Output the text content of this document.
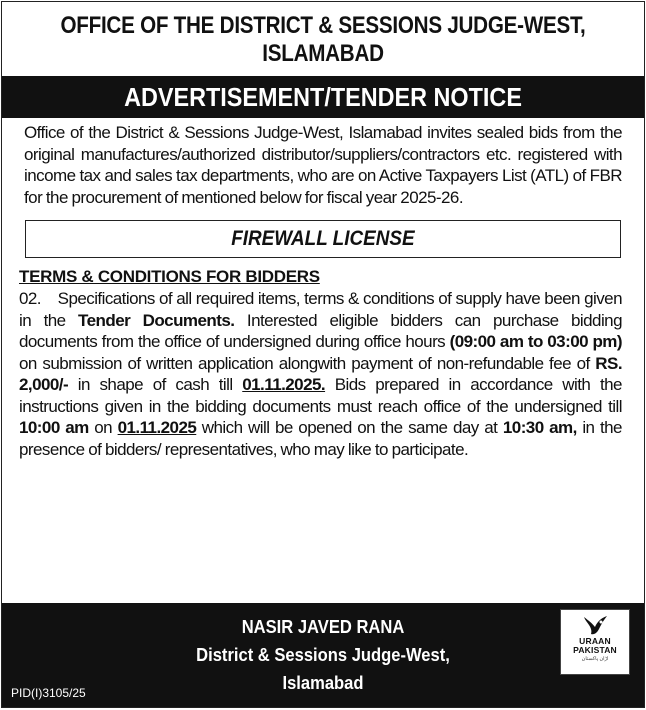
OFFICE OF THE DISTRICT & SESSIONS JUDGE-WEST,
ISLAMABAD
ADVERTISEMENT/TENDER NOTICE
Office of the District & Sessions Judge-West, Islamabad invites sealed bids from the original manufactures/authorized distributor/suppliers/contractors etc. registered with income tax and sales tax departments, who are on Active Taxpayers List (ATL) of FBR for the procurement of mentioned below for fiscal year 2025-26.
FIREWALL LICENSE
TERMS & CONDITIONS FOR BIDDERS
02. Specifications of all required items, terms & conditions of supply have been given in the Tender Documents. Interested eligible bidders can purchase bidding documents from the office of undersigned during office hours (09:00 am to 03:00 pm) on submission of written application alongwith payment of non-refundable fee of RS. 2,000/- in shape of cash till 01.11.2025. Bids prepared in accordance with the instructions given in the bidding documents must reach office of the undersigned till 10:00 am on 01.11.2025 which will be opened on the same day at 10:30 am, in the presence of bidders/ representatives, who may like to participate.
NASIR JAVED RANA
District & Sessions Judge-West,
Islamabad
PID(I)3105/25
URAAN
PAKISTAN
اڑان پاکستان
